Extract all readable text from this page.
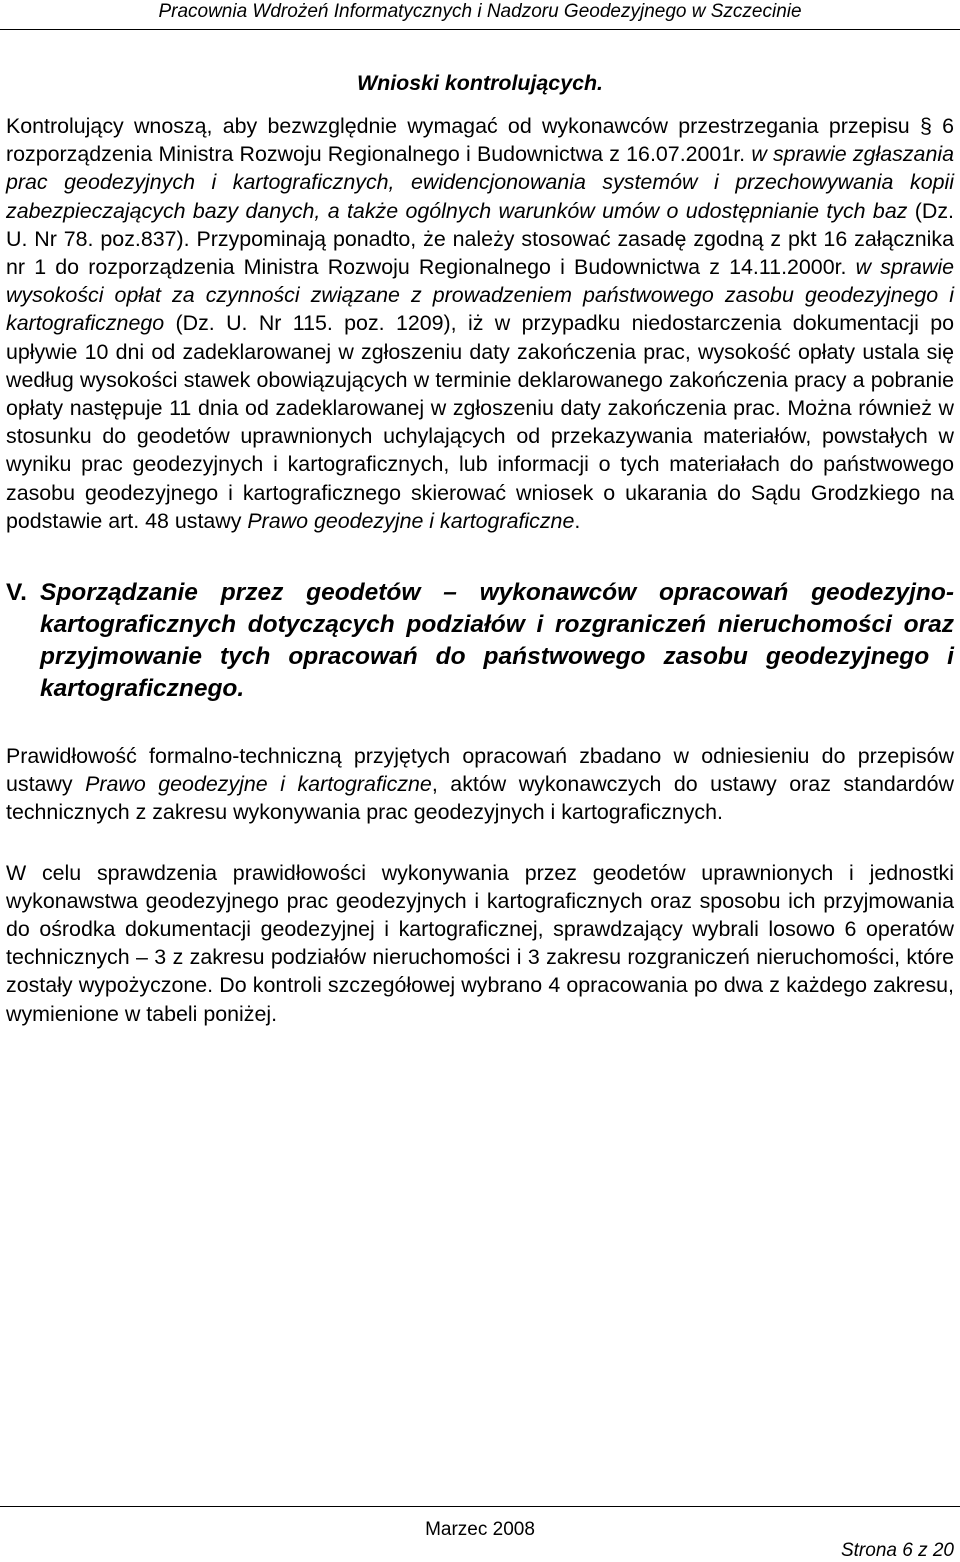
Pracownia Wdrożeń Informatycznych i Nadzoru Geodezyjnego w Szczecinie

Wnioski kontrolujących.

Kontrolujący wnoszą, aby bezwzględnie wymagać od wykonawców przestrzegania przepisu § 6 rozporządzenia Ministra Rozwoju Regionalnego i Budownictwa z 16.07.2001r. w sprawie zgłaszania prac geodezyjnych i kartograficznych, ewidencjonowania systemów i przechowywania kopii zabezpieczających bazy danych, a także ogólnych warunków umów o udostępnianie tych baz (Dz. U. Nr 78. poz.837). Przypominają ponadto, że należy stosować zasadę zgodną z pkt 16 załącznika nr 1 do rozporządzenia Ministra Rozwoju Regionalnego i Budownictwa z 14.11.2000r. w sprawie wysokości opłat za czynności związane z prowadzeniem państwowego zasobu geodezyjnego i kartograficznego (Dz. U. Nr 115. poz. 1209), iż w przypadku niedostarczenia dokumentacji po upływie 10 dni od zadeklarowanej w zgłoszeniu daty zakończenia prac, wysokość opłaty ustala się według wysokości stawek obowiązujących w terminie deklarowanego zakończenia pracy a pobranie opłaty następuje 11 dnia od zadeklarowanej w zgłoszeniu daty zakończenia prac. Można również w stosunku do geodetów uprawnionych uchylających od przekazywania materiałów, powstałych w wyniku prac geodezyjnych i kartograficznych, lub informacji o tych materiałach do państwowego zasobu geodezyjnego i kartograficznego skierować wniosek o ukarania do Sądu Grodzkiego na podstawie art. 48 ustawy Prawo geodezyjne i kartograficzne.

V. Sporządzanie przez geodetów – wykonawców opracowań geodezyjno-kartograficznych dotyczących podziałów i rozgraniczeń nieruchomości oraz przyjmowanie tych opracowań do państwowego zasobu geodezyjnego i kartograficznego.

Prawidłowość formalno-techniczną przyjętych opracowań zbadano w odniesieniu do przepisów ustawy Prawo geodezyjne i kartograficzne, aktów wykonawczych do ustawy oraz standardów technicznych z zakresu wykonywania prac geodezyjnych i kartograficznych.

W celu sprawdzenia prawidłowości wykonywania przez geodetów uprawnionych i jednostki wykonawstwa geodezyjnego prac geodezyjnych i kartograficznych oraz sposobu ich przyjmowania do ośrodka dokumentacji geodezyjnej i kartograficznej, sprawdzający wybrali losowo 6 operatów technicznych – 3 z zakresu podziałów nieruchomości i 3 zakresu rozgraniczeń nieruchomości, które zostały wypożyczone. Do kontroli szczegółowej wybrano 4 opracowania po dwa z każdego zakresu, wymienione w tabeli poniżej.

Marzec 2008
Strona 6 z 20
